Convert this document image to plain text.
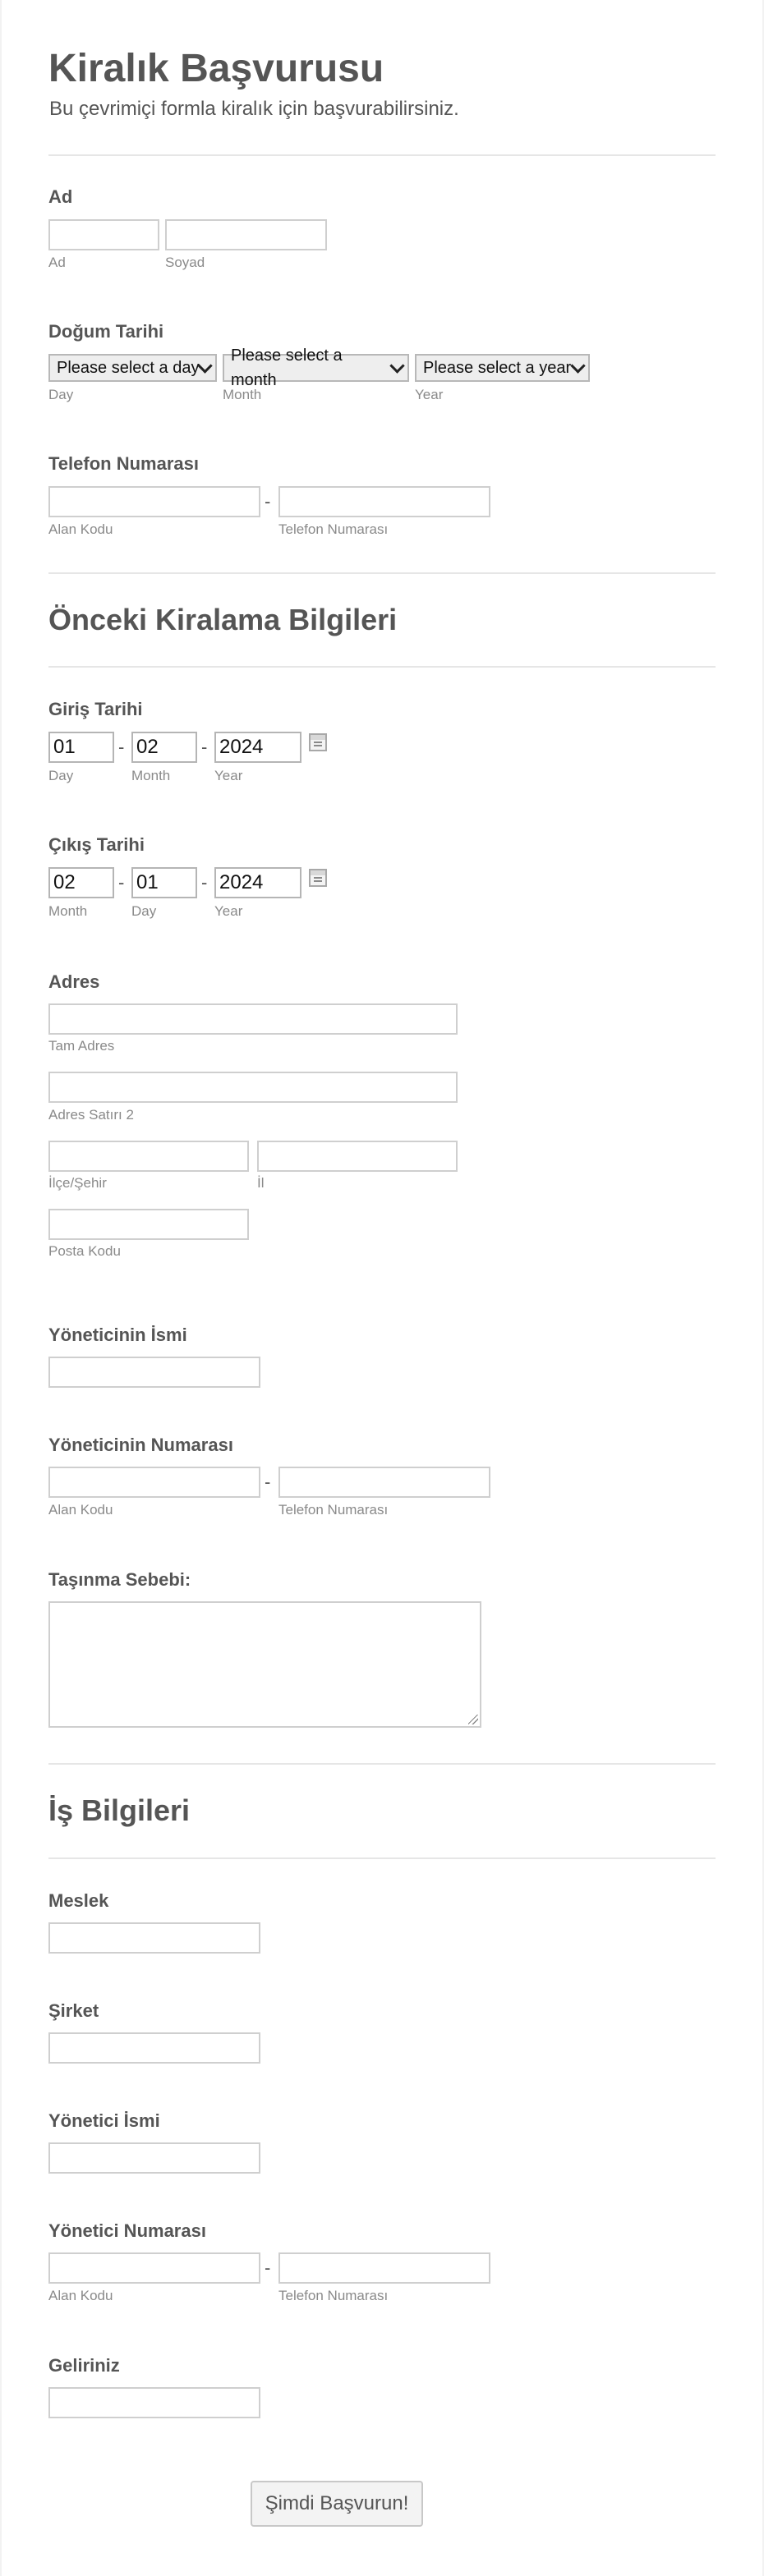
Kiralık Başvurusu
Bu çevrimiçi formla kiralık için başvurabilirsiniz.
Ad
Ad	Soyad
Doğum Tarihi
Please select a day
Please select a month
Please select a year
Day	Month	Year
Telefon Numarası
-
Alan Kodu	Telefon Numarası
Önceki Kiralama Bilgileri
Giriş Tarihi
01	- 02	- 2024
Day	Month	Year
Çıkış Tarihi
02	- 01	- 2024
Month	Day	Year
Adres
Tam Adres
Adres Satırı 2
İlçe/Şehir	İl
Posta Kodu
Yöneticinin İsmi
Yöneticinin Numarası
-
Alan Kodu	Telefon Numarası
Taşınma Sebebi:
İş Bilgileri
Meslek
Şirket
Yönetici İsmi
Yönetici Numarası
-
Alan Kodu	Telefon Numarası
Geliriniz
Şimdi Başvurun!
